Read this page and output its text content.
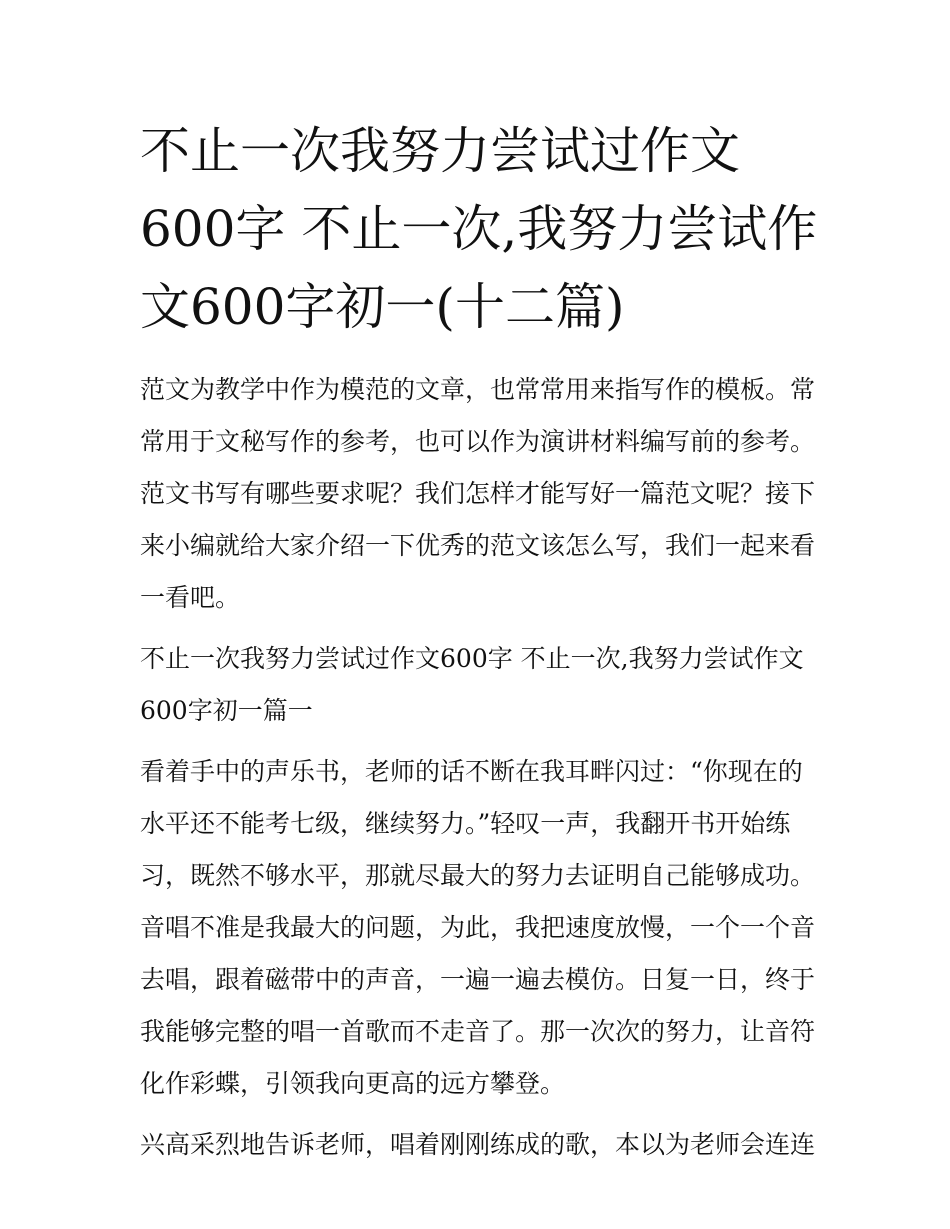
不止一次我努力尝试过作文
600字 不止一次,我努力尝试作
文600字初一(十二篇)

范文为教学中作为模范的文章，也常常用来指写作的模板。常
常用于文秘写作的参考，也可以作为演讲材料编写前的参考。
范文书写有哪些要求呢？我们怎样才能写好一篇范文呢？接下
来小编就给大家介绍一下优秀的范文该怎么写，我们一起来看
一看吧。

不止一次我努力尝试过作文600字 不止一次,我努力尝试作文
600字初一篇一

看着手中的声乐书，老师的话不断在我耳畔闪过：“你现在的
水平还不能考七级，继续努力。”轻叹一声，我翻开书开始练
习，既然不够水平，那就尽最大的努力去证明自己能够成功。
音唱不准是我最大的问题，为此，我把速度放慢，一个一个音
去唱，跟着磁带中的声音，一遍一遍去模仿。日复一日，终于
我能够完整的唱一首歌而不走音了。那一次次的努力，让音符
化作彩蝶，引领我向更高的远方攀登。

兴高采烈地告诉老师，唱着刚刚练成的歌，本以为老师会连连
